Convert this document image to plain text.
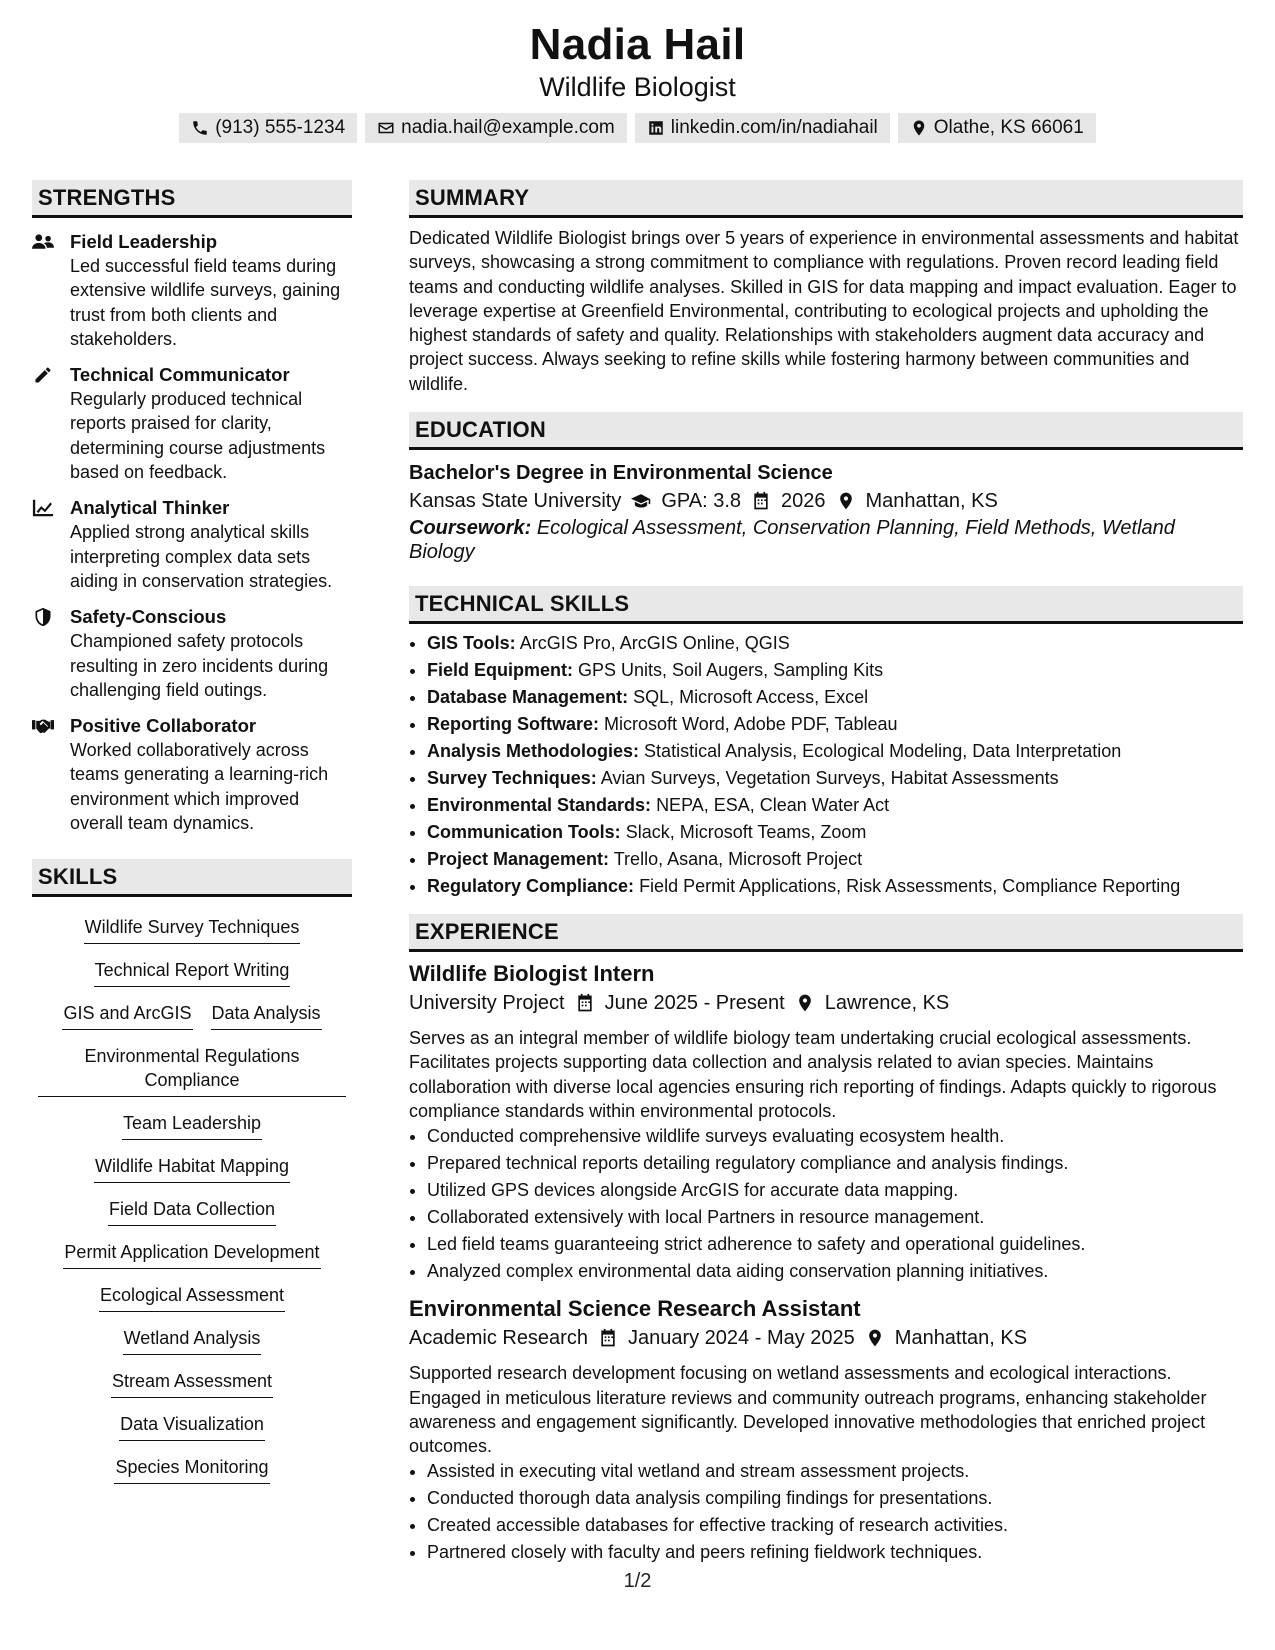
Nadia Hail
Wildlife Biologist
(913) 555-1234	nadia.hail@example.com	linkedin.com/in/nadiahail	Olathe, KS 66061
STRENGTHS
Field Leadership
Led successful field teams during extensive wildlife surveys, gaining trust from both clients and stakeholders.
Technical Communicator
Regularly produced technical reports praised for clarity, determining course adjustments based on feedback.
Analytical Thinker
Applied strong analytical skills interpreting complex data sets aiding in conservation strategies.
Safety-Conscious
Championed safety protocols resulting in zero incidents during challenging field outings.
Positive Collaborator
Worked collaboratively across teams generating a learning-rich environment which improved overall team dynamics.
SKILLS
Wildlife Survey Techniques
Technical Report Writing
GIS and ArcGIS Data Analysis
Environmental Regulations Compliance
Team Leadership
Wildlife Habitat Mapping
Field Data Collection
Permit Application Development
Ecological Assessment
Wetland Analysis
Stream Assessment
Data Visualization
Species Monitoring
SUMMARY
Dedicated Wildlife Biologist brings over 5 years of experience in environmental assessments and habitat surveys, showcasing a strong commitment to compliance with regulations. Proven record leading field teams and conducting wildlife analyses. Skilled in GIS for data mapping and impact evaluation. Eager to leverage expertise at Greenfield Environmental, contributing to ecological projects and upholding the highest standards of safety and quality. Relationships with stakeholders augment data accuracy and project success. Always seeking to refine skills while fostering harmony between communities and wildlife.
EDUCATION
Bachelor's Degree in Environmental Science
Kansas State University GPA: 3.8 2026 Manhattan, KS
Coursework: Ecological Assessment, Conservation Planning, Field Methods, Wetland Biology
TECHNICAL SKILLS
• GIS Tools: ArcGIS Pro, ArcGIS Online, QGIS
• Field Equipment: GPS Units, Soil Augers, Sampling Kits
• Database Management: SQL, Microsoft Access, Excel
• Reporting Software: Microsoft Word, Adobe PDF, Tableau
• Analysis Methodologies: Statistical Analysis, Ecological Modeling, Data Interpretation
• Survey Techniques: Avian Surveys, Vegetation Surveys, Habitat Assessments
• Environmental Standards: NEPA, ESA, Clean Water Act
• Communication Tools: Slack, Microsoft Teams, Zoom
• Project Management: Trello, Asana, Microsoft Project
• Regulatory Compliance: Field Permit Applications, Risk Assessments, Compliance Reporting
EXPERIENCE
Wildlife Biologist Intern
University Project June 2025 - Present Lawrence, KS
Serves as an integral member of wildlife biology team undertaking crucial ecological assessments. Facilitates projects supporting data collection and analysis related to avian species. Maintains collaboration with diverse local agencies ensuring rich reporting of findings. Adapts quickly to rigorous compliance standards within environmental protocols.
• Conducted comprehensive wildlife surveys evaluating ecosystem health.
• Prepared technical reports detailing regulatory compliance and analysis findings.
• Utilized GPS devices alongside ArcGIS for accurate data mapping.
• Collaborated extensively with local Partners in resource management.
• Led field teams guaranteeing strict adherence to safety and operational guidelines.
• Analyzed complex environmental data aiding conservation planning initiatives.
Environmental Science Research Assistant
Academic Research January 2024 - May 2025 Manhattan, KS
Supported research development focusing on wetland assessments and ecological interactions. Engaged in meticulous literature reviews and community outreach programs, enhancing stakeholder awareness and engagement significantly. Developed innovative methodologies that enriched project outcomes.
• Assisted in executing vital wetland and stream assessment projects.
• Conducted thorough data analysis compiling findings for presentations.
• Created accessible databases for effective tracking of research activities.
• Partnered closely with faculty and peers refining fieldwork techniques.
1/2
